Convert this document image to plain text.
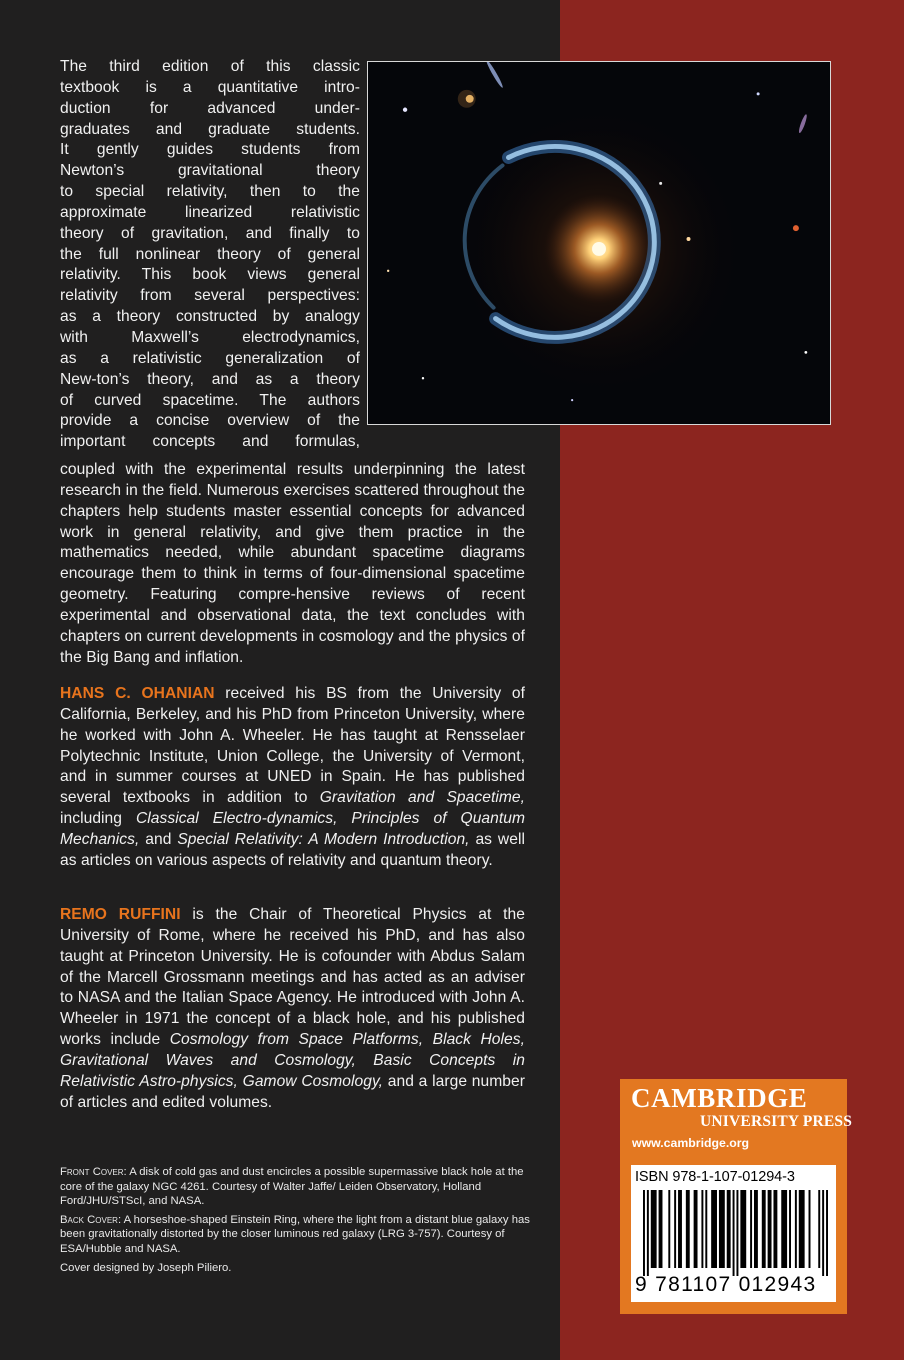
The third edition of this classic
textbook is a quantitative intro-
duction for advanced under-
graduates and graduate students.
It gently guides students from
Newton’s gravitational theory
to special relativity, then to the
approximate linearized relativistic
theory of gravitation, and finally to
the full nonlinear theory of general
relativity. This book views general
relativity from several perspectives:
as a theory constructed by analogy
with Maxwell’s electrodynamics,
as a relativistic generalization of
New-ton’s theory, and as a theory
of curved spacetime. The authors
provide a concise overview of the
important concepts and formulas,

coupled with the experimental results underpinning the latest research in the field. Numerous exercises scattered throughout the chapters help students master essential concepts for advanced work in general relativity, and give them practice in the mathematics needed, while abundant spacetime diagrams encourage them to think in terms of four-dimensional spacetime geometry. Featuring compre-hensive reviews of recent experimental and observational data, the text concludes with chapters on current developments in cosmology and the physics of the Big Bang and inflation.

HANS C. OHANIAN received his BS from the University of California, Berkeley, and his PhD from Princeton University, where he worked with John A. Wheeler. He has taught at Rensselaer Polytechnic Institute, Union College, the University of Vermont, and in summer courses at UNED in Spain. He has published several textbooks in addition to Gravitation and Spacetime, including Classical Electro-dynamics, Principles of Quantum Mechanics, and Special Relativity: A Modern Introduction, as well as articles on various aspects of relativity and quantum theory.

REMO RUFFINI is the Chair of Theoretical Physics at the University of Rome, where he received his PhD, and has also taught at Princeton University. He is cofounder with Abdus Salam of the Marcell Grossmann meetings and has acted as an adviser to NASA and the Italian Space Agency. He introduced with John A. Wheeler in 1971 the concept of a black hole, and his published works include Cosmology from Space Platforms, Black Holes, Gravitational Waves and Cosmology, Basic Concepts in Relativistic Astro-physics, Gamow Cosmology, and a large number of articles and edited volumes.

Front Cover: A disk of cold gas and dust encircles a possible supermassive black hole at the core of the galaxy NGC 4261. Courtesy of Walter Jaffe/ Leiden Observatory, Holland Ford/JHU/STScI, and NASA.

Back Cover: A horseshoe-shaped Einstein Ring, where the light from a distant blue galaxy has been gravitationally distorted by the closer luminous red galaxy (LRG 3-757). Courtesy of ESA/Hubble and NASA.

Cover designed by Joseph Piliero.

CAMBRIDGE
UNIVERSITY PRESS
www.cambridge.org
ISBN 978-1-107-01294-3
9 781107 012943
